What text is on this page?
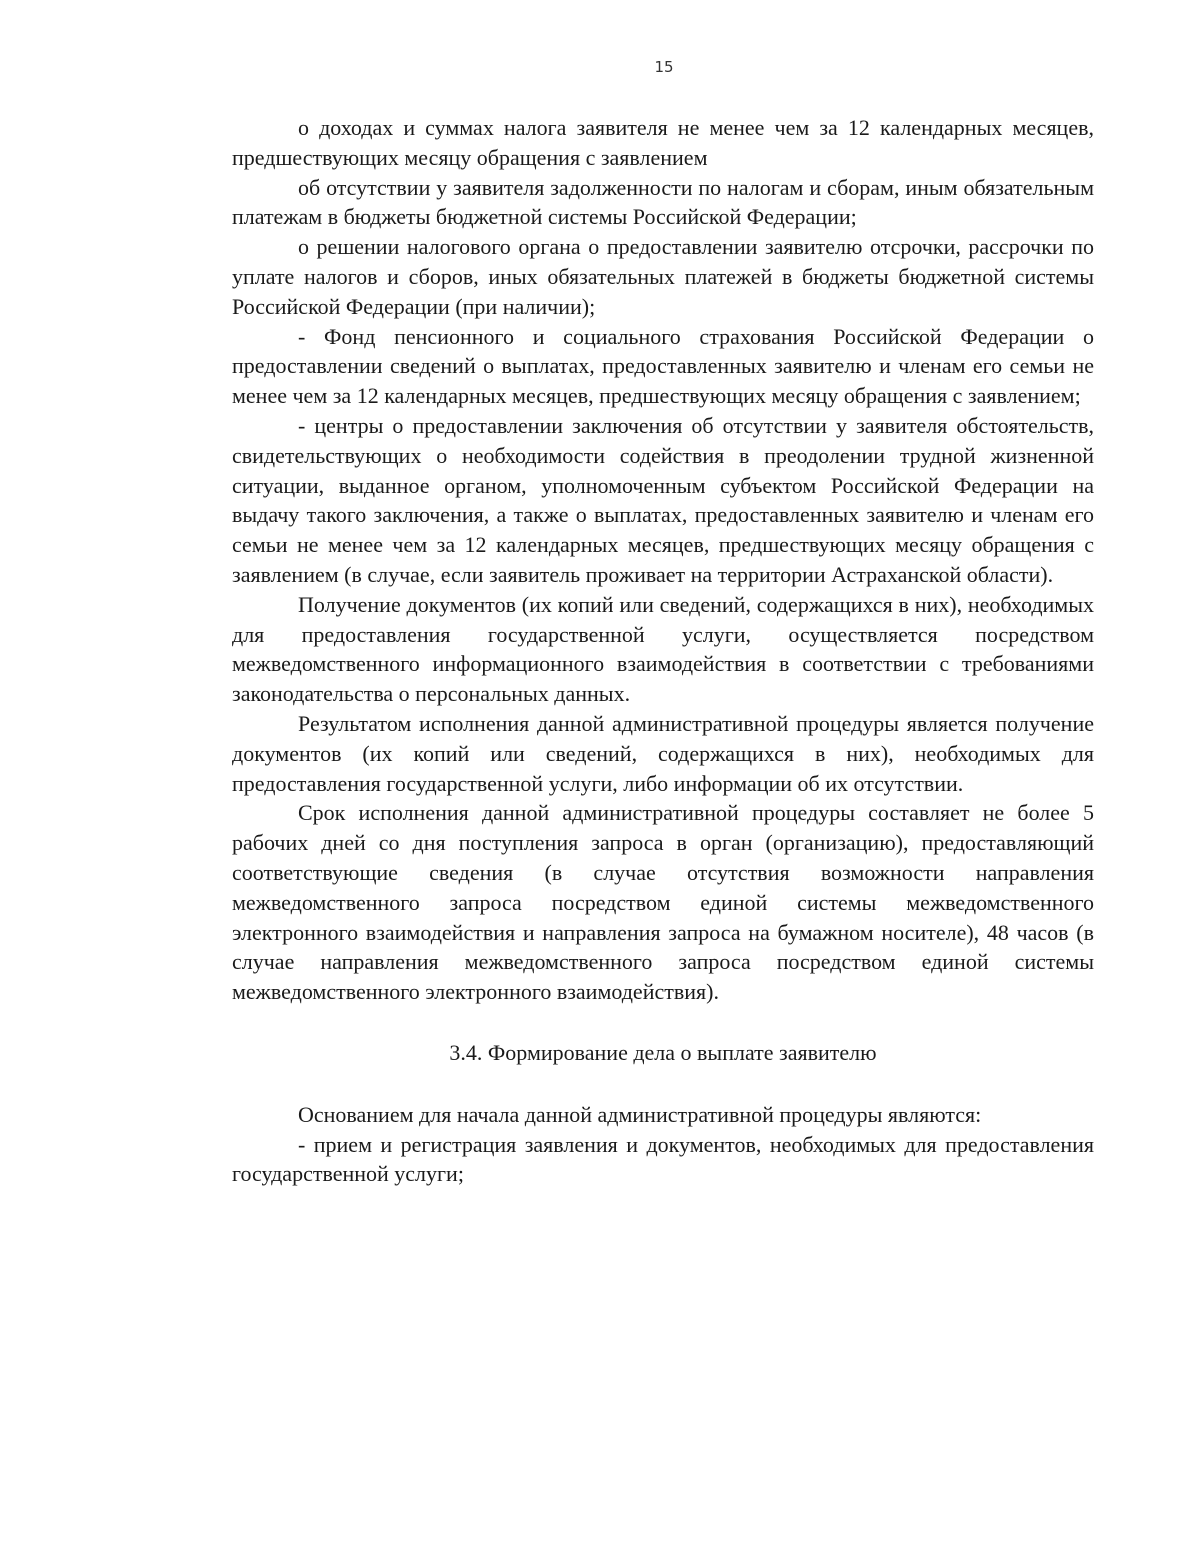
15

о доходах и суммах налога заявителя не менее чем за 12 календарных месяцев, предшествующих месяцу обращения с заявлением

об отсутствии у заявителя задолженности по налогам и сборам, иным обязательным платежам в бюджеты бюджетной системы Российской Федерации;

о решении налогового органа о предоставлении заявителю отсрочки, рассрочки по уплате налогов и сборов, иных обязательных платежей в бюджеты бюджетной системы Российской Федерации (при наличии);

- Фонд пенсионного и социального страхования Российской Федерации о предоставлении сведений о выплатах, предоставленных заявителю и членам его семьи не менее чем за 12 календарных месяцев, предшествующих месяцу обращения с заявлением;

- центры о предоставлении заключения об отсутствии у заявителя обстоятельств, свидетельствующих о необходимости содействия в преодолении трудной жизненной ситуации, выданное органом, уполномоченным субъектом Российской Федерации на выдачу такого заключения, а также о выплатах, предоставленных заявителю и членам его семьи не менее чем за 12 календарных месяцев, предшествующих месяцу обращения с заявлением (в случае, если заявитель проживает на территории Астраханской области).

Получение документов (их копий или сведений, содержащихся в них), необходимых для предоставления государственной услуги, осуществляется посредством межведомственного информационного взаимодействия в соответствии с требованиями законодательства о персональных данных.

Результатом исполнения данной административной процедуры является получение документов (их копий или сведений, содержащихся в них), необходимых для предоставления государственной услуги, либо информации об их отсутствии.

Срок исполнения данной административной процедуры составляет не более 5 рабочих дней со дня поступления запроса в орган (организацию), предоставляющий соответствующие сведения (в случае отсутствия возможности направления межведомственного запроса посредством единой системы межведомственного электронного взаимодействия и направления запроса на бумажном носителе), 48 часов (в случае направления межведомственного запроса посредством единой системы межведомственного электронного взаимодействия).

3.4. Формирование дела о выплате заявителю

Основанием для начала данной административной процедуры являются:

- прием и регистрация заявления и документов, необходимых для предоставления государственной услуги;
